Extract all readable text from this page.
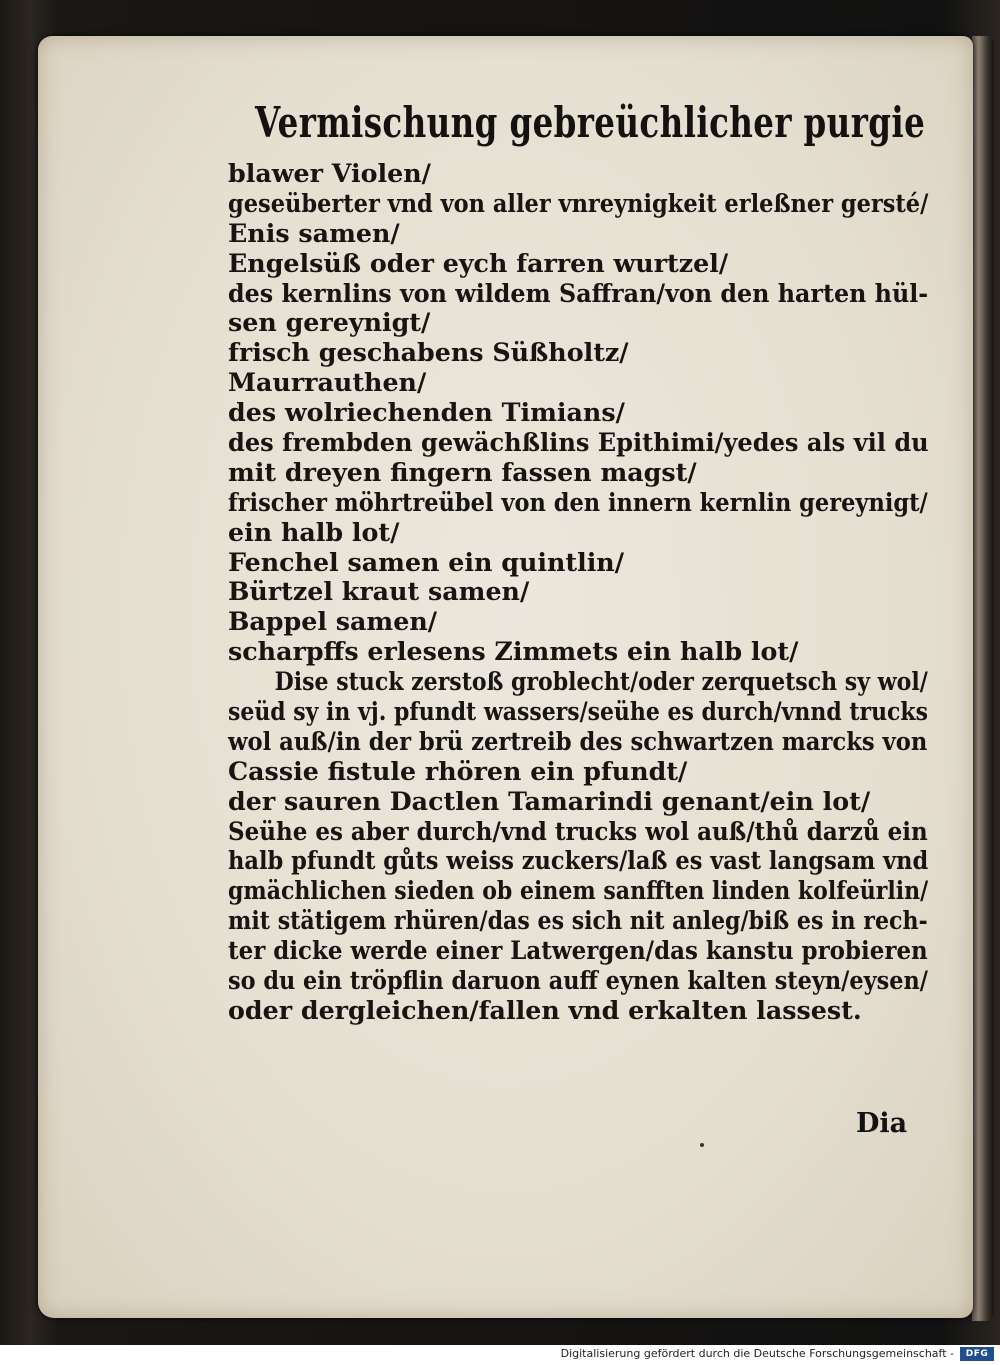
Vermischung gebreüchlicher purgie
blawer Violen/
geseüberter vnd von aller vnreynigkeit erleßner gersté/
Enis samen/
Engelsüß oder eych farren wurtzel/
des kernlins von wildem Saffran/von den harten hül-
sen gereynigt/
frisch geschabens Süßholtz/
Maurrauthen/
des wolriechenden Timians/
des frembden gewächßlins Epithimi/yedes als vil du
mit dreyen fingern fassen magst/
frischer möhrtreübel von den innern kernlin gereynigt/
ein halb lot/
Fenchel samen ein quintlin/
Bürtzel kraut samen/
Bappel samen/
scharpffs erlesens Zimmets ein halb lot/
Dise stuck zerstoß groblecht/oder zerquetsch sy wol/
seüd sy in vj. pfundt wassers/seühe es durch/vnnd trucks
wol auß/in der brü zertreib des schwartzen marcks von
Cassie fistule rhören ein pfundt/
der sauren Dactlen Tamarindi genant/ein lot/
Seühe es aber durch/vnd trucks wol auß/thů darzů ein
halb pfundt gůts weiss zuckers/laß es vast langsam vnd
gmächlichen sieden ob einem sanfften linden kolfeürlin/
mit stätigem rhüren/das es sich nit anleg/biß es in rech-
ter dicke werde einer Latwergen/das kanstu probieren
so du ein tröpflin daruon auff eynen kalten steyn/eysen/
oder dergleichen/fallen vnd erkalten lassest.
Dia
Digitalisierung gefördert durch die Deutsche Forschungsgemeinschaft -	DFG
